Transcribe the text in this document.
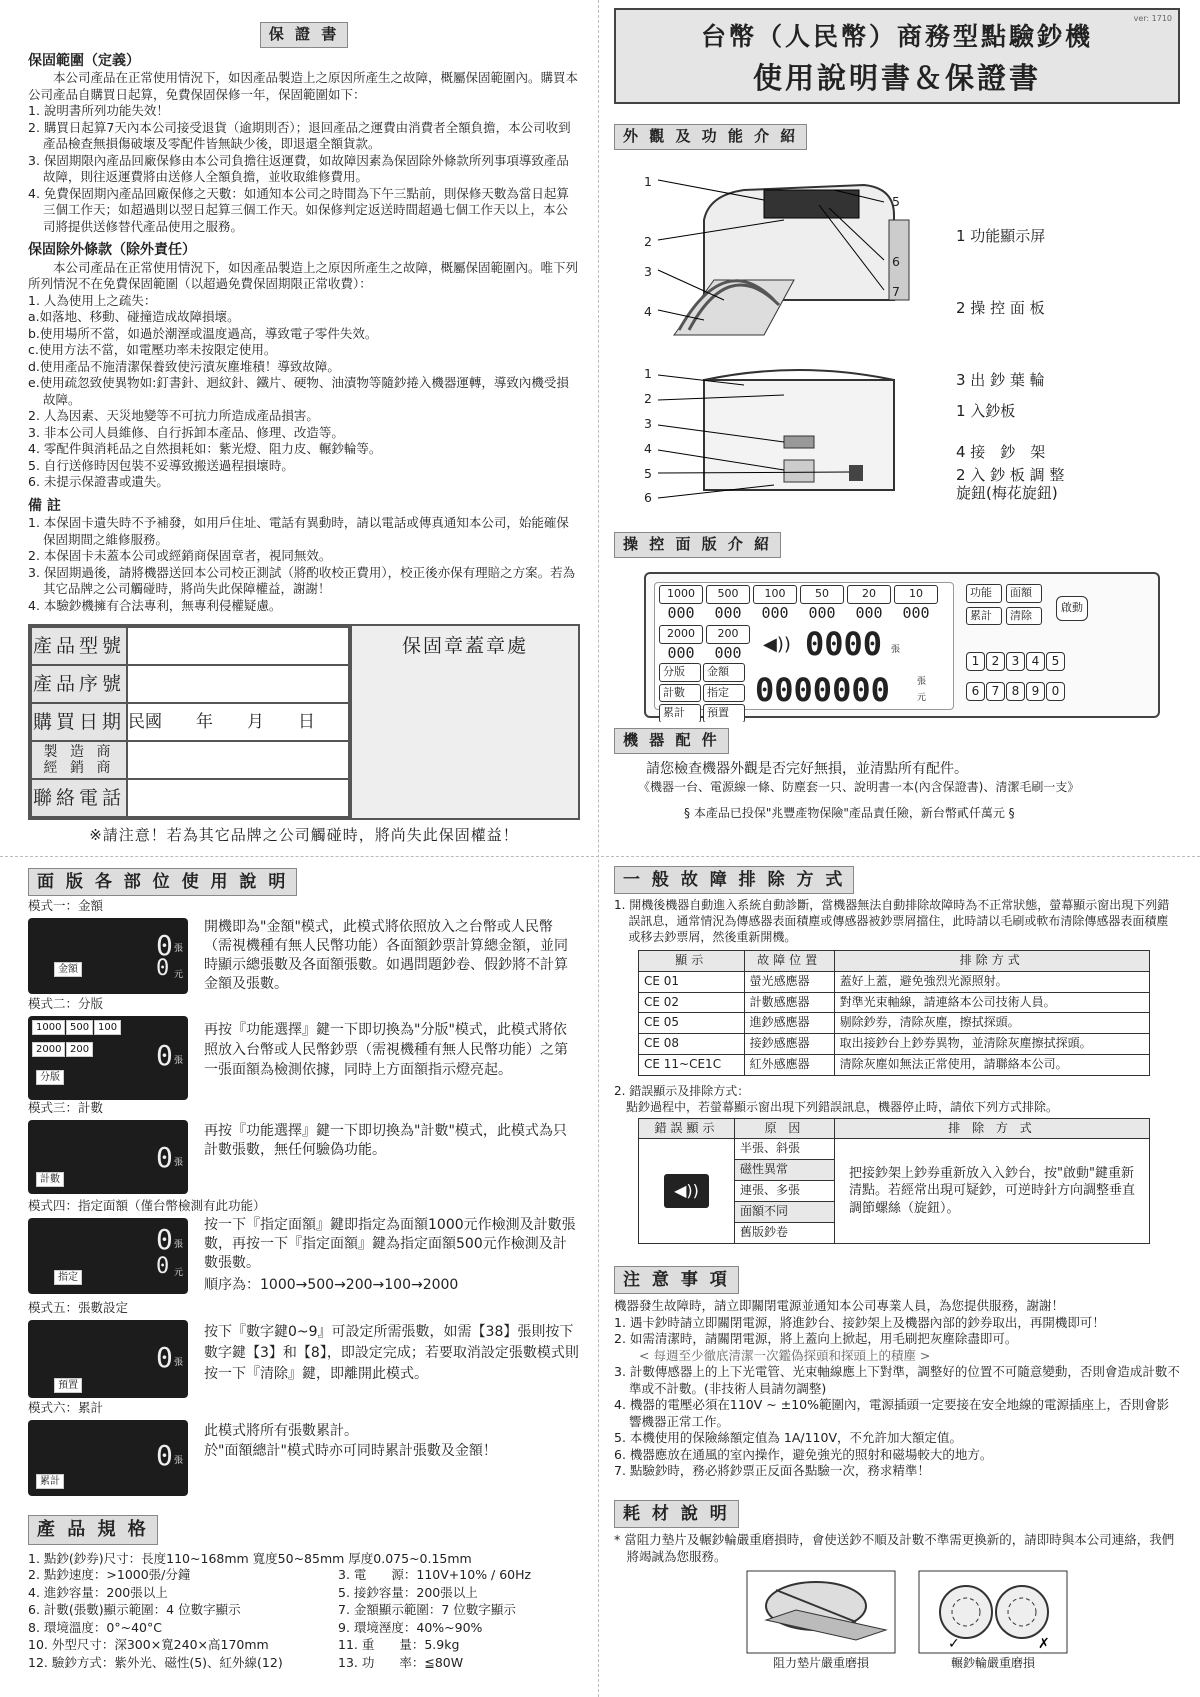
保 證 書
保固範圍（定義）
本公司產品在正常使用情況下，如因產品製造上之原因所產生之故障，概屬保固範圍內。購買本公司產品自購買日起算，免費保固保修一年，保固範圍如下：
1. 說明書所列功能失效！
2. 購買日起算7天內本公司接受退貨（逾期則否）；退回產品之運費由消費者全額負擔，本公司收到產品檢查無損傷破壞及零配件皆無缺少後，即退還全額貨款。
3. 保固期限內產品回廠保修由本公司負擔往返運費，如故障因素為保固除外條款所列事項導致產品故障，則往返運費將由送修人全額負擔，並收取維修費用。
4. 免費保固期內產品回廠保修之天數：如通知本公司之時間為下午三點前，則保修天數為當日起算三個工作天；如超過則以翌日起算三個工作天。如保修判定返送時間超過七個工作天以上，本公司將提供送修替代產品使用之服務。
保固除外條款（除外責任）
本公司產品在正常使用情況下，如因產品製造上之原因所產生之故障，概屬保固範圍內。唯下列所列情況不在免費保固範圍（以超過免費保固期限正常收費）：
1. 人為使用上之疏失：
a.如落地、移動、碰撞造成故障損壞。
b.使用場所不當，如過於潮溼或溫度過高，導致電子零件失效。
c.使用方法不當，如電壓功率未按限定使用。
d.使用產品不施清潔保養致使污漬灰塵堆積！導致故障。
e.使用疏忽致使異物如:釘書針、迴紋針、鐵片、硬物、油漬物等隨鈔捲入機器運轉，導致內機受損故障。
2. 人為因素、天災地變等不可抗力所造成產品損害。
3. 非本公司人員維修、自行拆卸本產品、修理、改造等。
4. 零配件與消耗品之自然損耗如：紫光燈、阻力皮、輾鈔輪等。
5. 自行送修時因包裝不妥導致搬送過程損壞時。
6. 未提示保證書或遺失。
備 註
1. 本保固卡遺失時不予補發，如用戶住址、電話有異動時，請以電話或傳真通知本公司，始能確保保固期間之維修服務。
2. 本保固卡未蓋本公司或經銷商保固章者，視同無效。
3. 保固期過後，請將機器送回本公司校正測試（將酌收校正費用），校正後亦保有理賠之方案。若為其它品牌之公司觸碰時，將尚失此保障權益，謝謝！
4. 本驗鈔機擁有合法專利，無專利侵權疑慮。
產品型號	
產品序號	
購買日期	民國　　年　　月　　日
製 造 商
經 銷 商	
聯絡電話	
保固章蓋章處
※請注意！若為其它品牌之公司觸碰時，將尚失此保固權益！
ver: 1710
台幣（人民幣）商務型點驗鈔機
使用說明書＆保證書
外 觀 及 功 能 介 紹
1
2
3
4
5
6
7

1 功能顯示屏

2 操 控 面 板

3 出 鈔 葉 輪

4 接　鈔　架

1
2
3
4
5
6

1 入鈔板

2 入 鈔 板 調 整
旋鈕(梅花旋鈕)

操 控 面 版 介 紹
1000
000
500
000
100
000
50
000
20
000
10
000
2000
000
200
000	◀)) 0000 張
分版	金額
計數	指定
累計	預置
0000000	張
元
功能	面額
累計	清除
啟動
1 2 3 4 5
6 7 8 9 0
機 器 配 件
請您檢查機器外觀是否完好無損，並清點所有配件。
《機器一台、電源線一條、防塵套一只、說明書一本(內含保證書)、清潔毛刷一支》
§ 本產品已投保"兆豐產物保險"產品責任險，新台幣貳仟萬元 §
面 版 各 部 位 使 用 說 明
模式一：金額
金額
0 張
0 元
開機即為"金額"模式，此模式將依照放入之台幣或人民幣（需視機種有無人民幣功能）各面額鈔票計算總金額，並同時顯示總張數及各面額張數。如遇問題鈔卷、假鈔將不計算金額及張數。
模式二：分版
1000 500 100
2000 200
分版
0 張
再按『功能選擇』鍵一下即切換為"分版"模式，此模式將依照放入台幣或人民幣鈔票（需視機種有無人民幣功能）之第一張面額為檢測依據，同時上方面額指示燈亮起。
模式三：計數
計數
0 張
再按『功能選擇』鍵一下即切換為"計數"模式，此模式為只計數張數，無任何驗偽功能。
模式四：指定面額（僅台幣檢測有此功能）
指定
0 張
0 元
按一下『指定面額』鍵即指定為面額1000元作檢測及計數張數，再按一下『指定面額』鍵為指定面額500元作檢測及計數張數。
順序為：1000→500→200→100→2000
模式五：張數設定
預置
0 張
按下『數字鍵0~9』可設定所需張數，如需【38】張則按下數字鍵【3】和【8】，即設定完成；若要取消設定張數模式則按一下『清除』鍵，即離開此模式。
模式六：累計
累計
0 張
此模式將所有張數累計。
於"面額總計"模式時亦可同時累計張數及金額！
產 品 規 格
1. 點鈔(鈔券)尺寸：長度110~168mm 寬度50~85mm 厚度0.075~0.15mm
2. 點鈔速度：>1000張/分鐘	3. 電　　源：110V+10% / 60Hz
4. 進鈔容量：200張以上	5. 接鈔容量：200張以上
6. 計數(張數)顯示範圍：4 位數字顯示	7. 金額顯示範圍：7 位數字顯示
8. 環境溫度：0°~40°C	9. 環境溼度：40%~90%
10. 外型尺寸：深300×寬240×高170mm	11. 重　　量：5.9kg
12. 驗鈔方式：紫外光、磁性(5)、紅外線(12)	13. 功　　率：≦80W
一 般 故 障 排 除 方 式
1. 開機後機器自動進入系統自動診斷，當機器無法自動排除故障時為不正常狀態，螢幕顯示窗出現下列錯誤訊息，通常情況為傳感器表面積塵或傳感器被鈔票屑擋住，此時請以毛刷或軟布清除傳感器表面積塵或移去鈔票屑，然後重新開機。
顯示	故障位置	排除方式
CE 01	螢光感應器	蓋好上蓋，避免強烈光源照射。
CE 02	計數感應器	對準光束軸線，請連絡本公司技術人員。
CE 05	進鈔感應器	剔除鈔券，清除灰塵，擦拭探頭。
CE 08	接鈔感應器	取出接鈔台上鈔券異物，並清除灰塵擦拭探頭。
CE 11~CE1C	紅外感應器	清除灰塵如無法正常使用，請聯絡本公司。
2. 錯誤顯示及排除方式：
點鈔過程中，若螢幕顯示窗出現下列錯誤訊息，機器停止時，請依下列方式排除。
錯誤顯示	原 因	排 除 方 式
◀))	半張、斜張	把接鈔架上鈔券重新放入入鈔台，按"啟動"鍵重新清點。若經常出現可疑鈔，可逆時針方向調整垂直調節螺絲（旋鈕）。
	磁性異常	
	連張、多張	
	面額不同	
	舊版鈔卷	
注 意 事 項
機器發生故障時，請立即關閉電源並通知本公司專業人員，為您提供服務，謝謝！
1. 遇卡鈔時請立即關閉電源，將進鈔台、接鈔架上及機器內部的鈔券取出，再開機即可！
2. 如需清潔時，請關閉電源，將上蓋向上掀起，用毛刷把灰塵除盡即可。
< 每週至少徹底清潔一次鑑偽探頭和探頭上的積塵 >
3. 計數傳感器上的上下光電管、光束軸線應上下對準，調整好的位置不可隨意變動，否則會造成計數不準或不計數。(非技術人員請勿調整)
4. 機器的電壓必須在110V ~ ±10%範圍內，電源插頭一定要接在安全地線的電源插座上，否則會影響機器正常工作。
5. 本機使用的保險絲額定值為 1A/110V，不允許加大額定值。
6. 機器應放在通風的室內操作，避免強光的照射和磁場較大的地方。
7. 點驗鈔時，務必將鈔票正反面各點驗一次，務求精準！
耗 材 說 明
* 當阻力墊片及輾鈔輪嚴重磨損時，會使送鈔不順及計數不準需更換新的，請即時與本公司連絡，我們將竭誠為您服務。
阻力墊片嚴重磨損
✓	✗
輾鈔輪嚴重磨損
